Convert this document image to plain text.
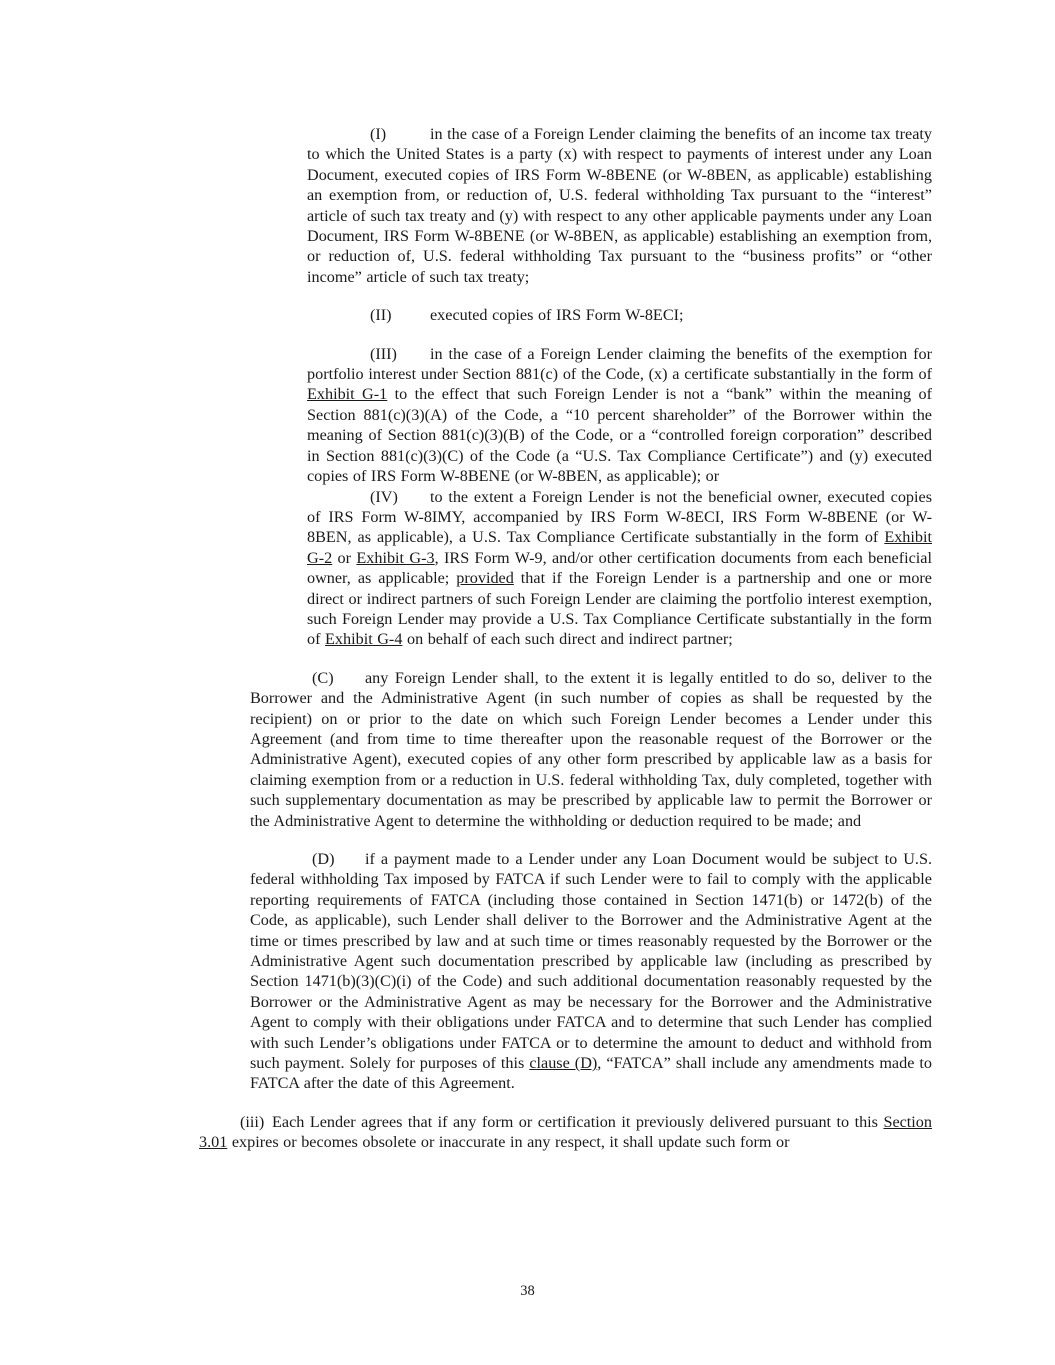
(I)	in the case of a Foreign Lender claiming the benefits of an income tax treaty to which the United States is a party (x) with respect to payments of interest under any Loan Document, executed copies of IRS Form W-8BENE (or W-8BEN, as applicable) establishing an exemption from, or reduction of, U.S. federal withholding Tax pursuant to the “interest” article of such tax treaty and (y) with respect to any other applicable payments under any Loan Document, IRS Form W-8BENE (or W-8BEN, as applicable) establishing an exemption from, or reduction of, U.S. federal withholding Tax pursuant to the “business profits” or “other income” article of such tax treaty;

(II) executed copies of IRS Form W-8ECI;

(III) in the case of a Foreign Lender claiming the benefits of the exemption for portfolio interest under Section 881(c) of the Code, (x) a certificate substantially in the form of Exhibit G-1 to the effect that such Foreign Lender is not a “bank” within the meaning of Section 881(c)(3)(A) of the Code, a “10 percent shareholder” of the Borrower within the meaning of Section 881(c)(3)(B) of the Code, or a “controlled foreign corporation” described in Section 881(c)(3)(C) of the Code (a “U.S. Tax Compliance Certificate”) and (y) executed copies of IRS Form W-8BENE (or W-8BEN, as applicable); or

(IV) to the extent a Foreign Lender is not the beneficial owner, executed copies of IRS Form W-8IMY, accompanied by IRS Form W-8ECI, IRS Form W-8BENE (or W-8BEN, as applicable), a U.S. Tax Compliance Certificate substantially in the form of Exhibit G-2 or Exhibit G-3, IRS Form W-9, and/or other certification documents from each beneficial owner, as applicable; provided that if the Foreign Lender is a partnership and one or more direct or indirect partners of such Foreign Lender are claiming the portfolio interest exemption, such Foreign Lender may provide a U.S. Tax Compliance Certificate substantially in the form of Exhibit G-4 on behalf of each such direct and indirect partner;

(C) any Foreign Lender shall, to the extent it is legally entitled to do so, deliver to the Borrower and the Administrative Agent (in such number of copies as shall be requested by the recipient) on or prior to the date on which such Foreign Lender becomes a Lender under this Agreement (and from time to time thereafter upon the reasonable request of the Borrower or the Administrative Agent), executed copies of any other form prescribed by applicable law as a basis for claiming exemption from or a reduction in U.S. federal withholding Tax, duly completed, together with such supplementary documentation as may be prescribed by applicable law to permit the Borrower or the Administrative Agent to determine the withholding or deduction required to be made; and

(D) if a payment made to a Lender under any Loan Document would be subject to U.S. federal withholding Tax imposed by FATCA if such Lender were to fail to comply with the applicable reporting requirements of FATCA (including those contained in Section 1471(b) or 1472(b) of the Code, as applicable), such Lender shall deliver to the Borrower and the Administrative Agent at the time or times prescribed by law and at such time or times reasonably requested by the Borrower or the Administrative Agent such documentation prescribed by applicable law (including as prescribed by Section 1471(b)(3)(C)(i) of the Code) and such additional documentation reasonably requested by the Borrower or the Administrative Agent as may be necessary for the Borrower and the Administrative Agent to comply with their obligations under FATCA and to determine that such Lender has complied with such Lender’s obligations under FATCA or to determine the amount to deduct and withhold from such payment. Solely for purposes of this clause (D), “FATCA” shall include any amendments made to FATCA after the date of this Agreement.

(iii) Each Lender agrees that if any form or certification it previously delivered pursuant to this Section 3.01 expires or becomes obsolete or inaccurate in any respect, it shall update such form or

38
